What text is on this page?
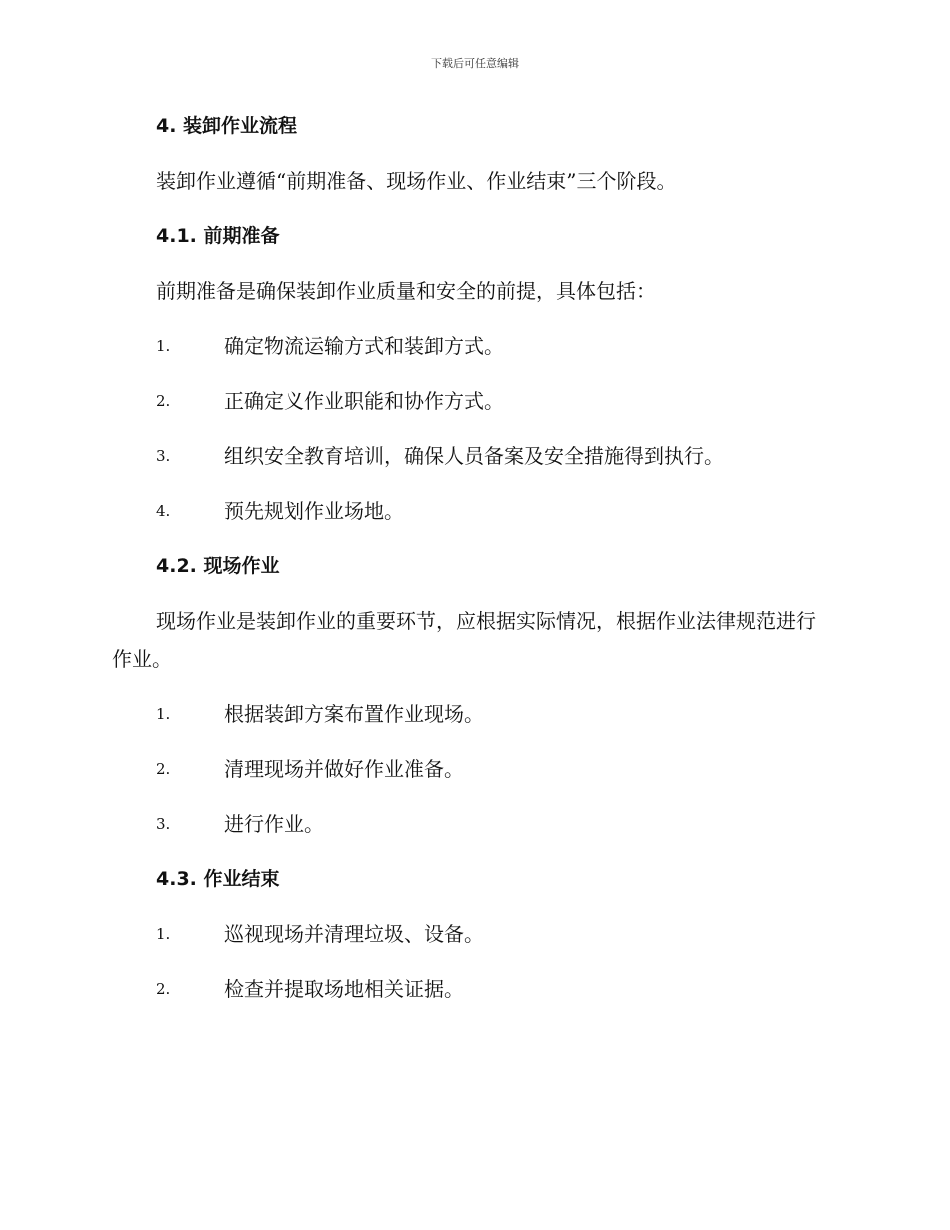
下载后可任意编辑
4. 装卸作业流程
装卸作业遵循“前期准备、现场作业、作业结束”三个阶段。
4.1. 前期准备
前期准备是确保装卸作业质量和安全的前提，具体包括：
1.	确定物流运输方式和装卸方式。
2.	正确定义作业职能和协作方式。
3.	组织安全教育培训，确保人员备案及安全措施得到执行。
4.	预先规划作业场地。
4.2. 现场作业
现场作业是装卸作业的重要环节，应根据实际情况，根据作业法律规范进行作业。
1.	根据装卸方案布置作业现场。
2.	清理现场并做好作业准备。
3.	进行作业。
4.3. 作业结束
1.	巡视现场并清理垃圾、设备。
2.	检查并提取场地相关证据。
